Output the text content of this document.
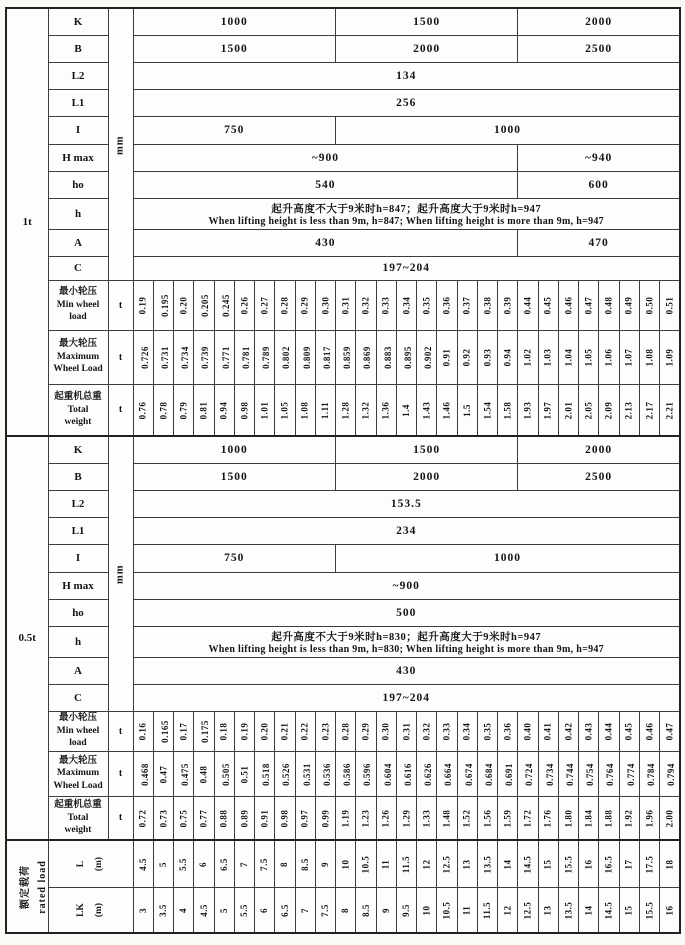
1t	K	mm	1000										1500									2000							
	B		1500										2000									2500							
	L2		134																										
	L1		256																										
	I		750										1000																
	H max		~900																			~940							
	ho		540																			600							
	h		起升高度不大于9米时h=847；起升高度大于9米时h=947
When lifting height is less than 9m, h=847; When lifting height is more than 9m, h=947																										

	A		430																			470							
	C		197~204																										

	最小轮压
Min wheel
load	t	0.19	0.195	0.20	0.205	0.245	0.26	0.27	0.28	0.29	0.30	0.31	0.32	0.33	0.34	0.35	0.36	0.37	0.38	0.39	0.44	0.45	0.46	0.47	0.48	0.49	0.50	0.51

	最大轮压
Maximum
Wheel Load	t	0.726	0.731	0.734	0.739	0.771	0.781	0.789	0.802	0.809	0.817	0.859	0.869	0.883	0.895	0.902	0.91	0.92	0.93	0.94	1.02	1.03	1.04	1.05	1.06	1.07	1.08	1.09

	起重机总重
Total
weight	t	0.76	0.78	0.79	0.81	0.94	0.98	1.01	1.05	1.08	1.11	1.28	1.32	1.36	1.4	1.43	1.46	1.5	1.54	1.58	1.93	1.97	2.01	2.05	2.09	2.13	2.17	2.21
0.5t	K	mm	1000										1500									2000							
	B		1500										2000									2500							
	L2		153.5																										
	L1		234																										
	I		750										1000																
	H max		~900																										
	ho		500																										
	h		起升高度不大于9米时h=830；起升高度大于9米时h=947
When lifting height is less than 9m, h=830; When lifting height is more than 9m, h=947																										

	A		430																										
	C		197~204																										

	最小轮压
Min wheel
load	t	0.16	0.165	0.17	0.175	0.18	0.19	0.20	0.21	0.22	0.23	0.28	0.29	0.30	0.31	0.32	0.33	0.34	0.35	0.36	0.40	0.41	0.42	0.43	0.44	0.45	0.46	0.47

	最大轮压
Maximum
Wheel Load	t	0.468	0.47	0.475	0.48	0.505	0.51	0.518	0.526	0.531	0.536	0.586	0.596	0.604	0.616	0.626	0.664	0.674	0.684	0.691	0.724	0.734	0.744	0.754	0.764	0.774	0.784	0.794

	起重机总重
Total
weight	t	0.72	0.73	0.75	0.77	0.88	0.89	0.91	0.98	0.97	0.99	1.19	1.23	1.26	1.29	1.33	1.48	1.52	1.56	1.59	1.72	1.76	1.80	1.84	1.88	1.92	1.96	2.00
额定载荷 rated load	L (m)		4.5	5	5.5	6	6.5	7	7.5	8	8.5	9	10	10.5	11	11.5	12	12.5	13	13.5	14	14.5	15	15.5	16	16.5	17	17.5	18
	LK (m)		3	3.5	4	4.5	5	5.5	6	6.5	7	7.5	8	8.5	9	9.5	10	10.5	11	11.5	12	12.5	13	13.5	14	14.5	15	15.5	16
